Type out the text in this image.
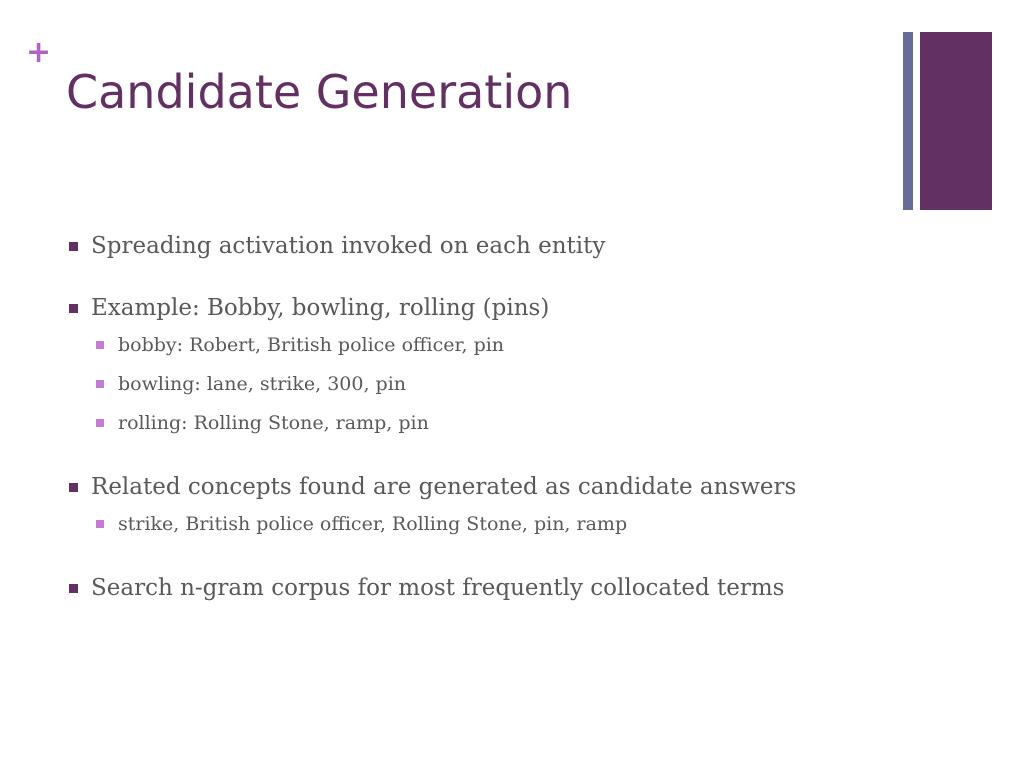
+
Candidate Generation
Spreading activation invoked on each entity
Example: Bobby, bowling, rolling (pins)
bobby: Robert, British police officer, pin
bowling: lane, strike, 300, pin
rolling: Rolling Stone, ramp, pin
Related concepts found are generated as candidate answers
strike, British police officer, Rolling Stone, pin, ramp
Search n-gram corpus for most frequently collocated terms
